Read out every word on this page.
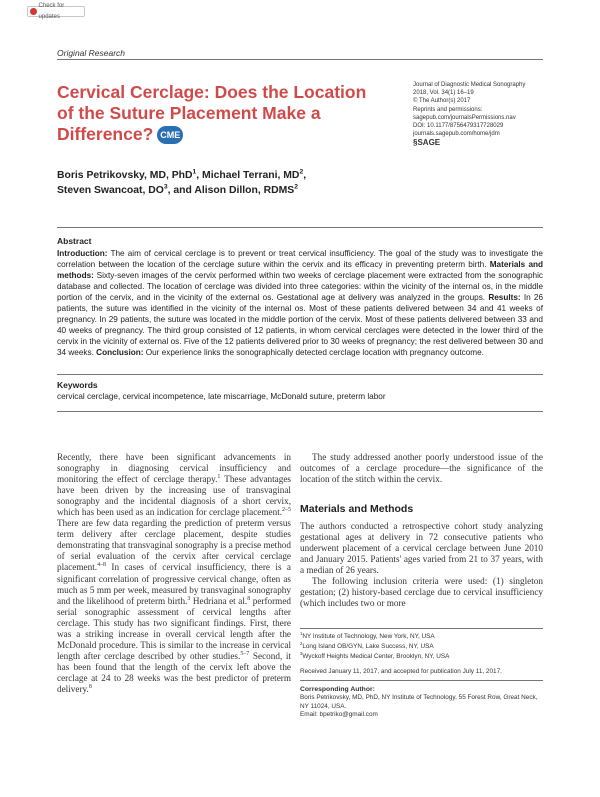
Check for updates
Original Research
Cervical Cerclage: Does the Location of the Suture Placement Make a Difference? CME
Journal of Diagnostic Medical Sonography
2018, Vol. 34(1) 16–19
© The Author(s) 2017
Reprints and permissions:
sagepub.com/journalsPermissions.nav
DOI: 10.1177/8756479317728029
journals.sagepub.com/home/jdm
§SAGE
Boris Petrikovsky, MD, PhD$^1$, Michael Terrani, $MD^2$,
Steven Swancoat, $DO^3$, and Alison Dillon, RDMS$^2$
Abstract
Introduction: The aim of cervical cerclage is to prevent or treat cervical insufficiency. The goal of the study was to investigate the correlation between the location of the cerclage suture within the cervix and its efficacy in preventing preterm birth. Materials and methods: Sixty-seven images of the cervix performed within two weeks of cerclage placement were extracted from the sonographic database and collected. The location of cerclage was divided into three categories: within the vicinity of the internal os, in the middle portion of the cervix, and in the vicinity of the external os. Gestational age at delivery was analyzed in the groups. Results: In 26 patients, the suture was identified in the vicinity of the internal os. Most of these patients delivered between 34 and 41 weeks of pregnancy. In 29 patients, the suture was located in the middle portion of the cervix. Most of these patients delivered between 33 and 40 weeks of pregnancy. The third group consisted of 12 patients, in whom cervical cerclages were detected in the lower third of the cervix in the vicinity of external os. Five of the 12 patients delivered prior to 30 weeks of pregnancy; the rest delivered between 30 and 34 weeks. Conclusion: Our experience links the sonographically detected cerclage location with pregnancy outcome.
Keywords
cervical cerclage, cervical incompetence, late miscarriage, McDonald suture, preterm labor
Recently, there have been significant advancements in sonography in diagnosing cervical insufficiency and monitoring the effect of cerclage therapy.$^1$ These advantages have been driven by the increasing use of transvaginal sonography and the incidental diagnosis of a short cervix, which has been used as an indication for cerclage placement.$^{2-5}$ There are few data regarding the prediction of preterm versus term delivery after cerclage placement, despite studies demonstrating that transvaginal sonography is a precise method of serial evaluation of the cervix after cervical cerclage placement.$^{4-8}$ In cases of cervical insufficiency, there is a significant correlation of progressive cervical change, often as much as 5 mm per week, measured by transvaginal sonography and the likelihood of preterm birth.$^3$ Hedriana et al.$^8$ performed serial sonographic assessment of cervical lengths after cerclage. This study has two significant findings. First, there was a striking increase in overall cervical length after the McDonald procedure. This is similar to the increase in cervical length after cerclage described by other studies.$^{5-7}$ Second, it has been found that the length of the cervix left above the cerclage at 24 to 28 weeks was the best predictor of preterm delivery.$^8$
The study addressed another poorly understood issue of the outcomes of a cerclage procedure—the significance of the location of the stitch within the cervix.
Materials and Methods

The authors conducted a retrospective cohort study analyzing gestational ages at delivery in 72 consecutive patients who underwent placement of a cervical cerclage between June 2010 and January 2015. Patients' ages varied from 21 to 37 years, with a median of 26 years.

The following inclusion criteria were used: (1) singleton gestation; (2) history-based cerclage due to cervical insufficiency (which includes two or more

$^1$NY Institute of Technology, New York, NY, USA
$^2$Long Island OB/GYN, Lake Success, NY, USA
$^3$Wyckoff Heights Medical Center, Brooklyn, NY, USA
Received January 11, 2017, and accepted for publication July 11, 2017.
Corresponding Author:
Boris Petrikovsky, MD, PhD, NY Institute of Technology, 55 Forest Row, Great Neck, NY 11024, USA.
Email: bpetriko@gmail.com
